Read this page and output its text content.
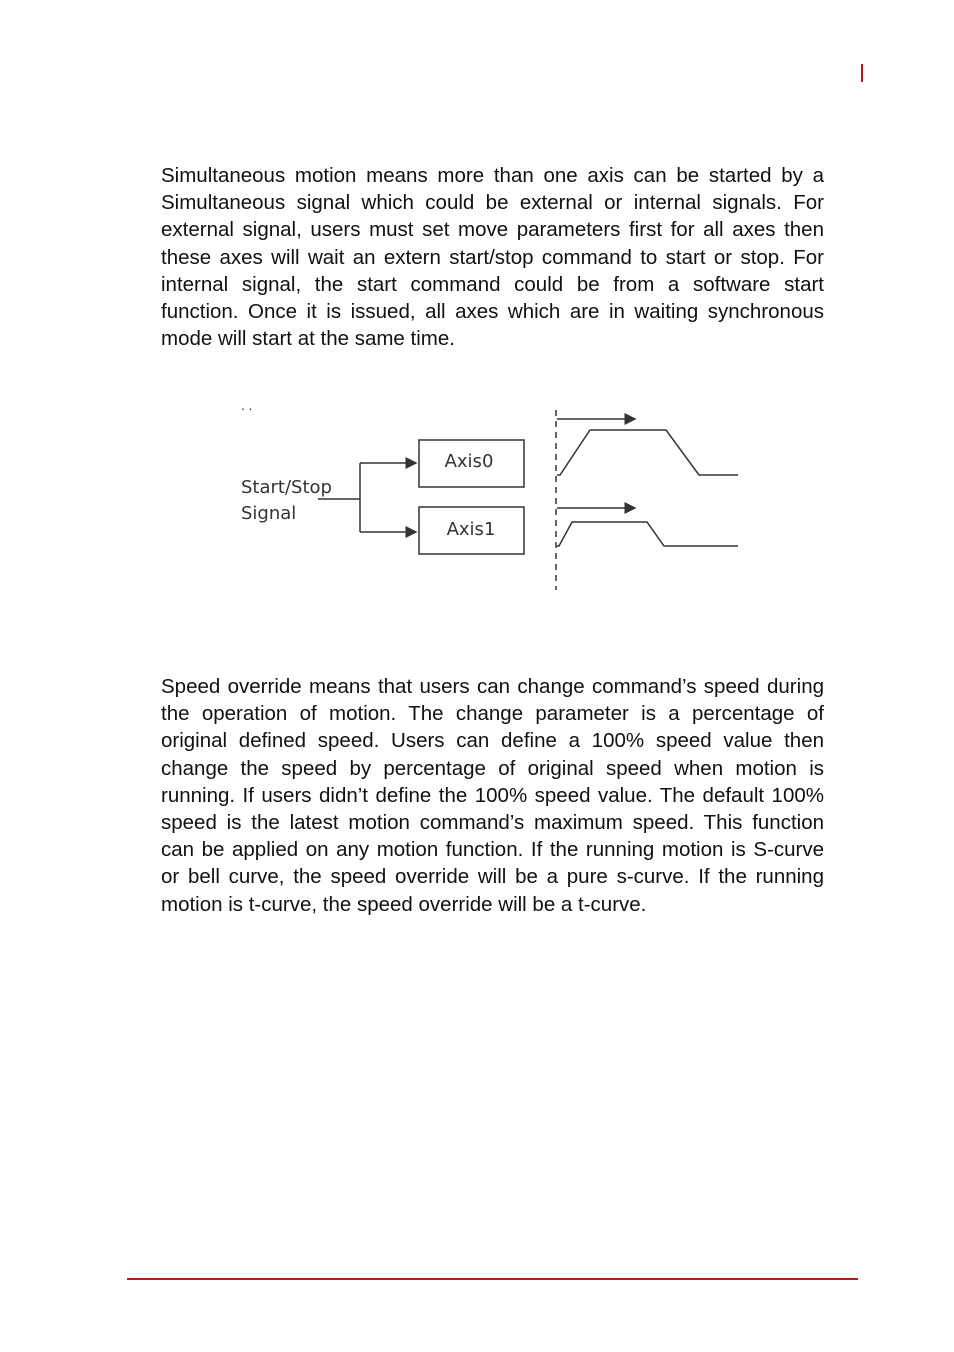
Simultaneous motion means more than one axis can be started by a Simultaneous signal which could be external or internal signals. For external signal, users must set move parameters first for all axes then these axes will wait an extern start/stop command to start or stop. For internal signal, the start command could be from a software start function. Once it is issued, all axes which are in waiting synchronous mode will start at the same time.

. .
Start/Stop
Signal
Axis0
Axis1

Speed override means that users can change command’s speed during the operation of motion. The change parameter is a percentage of original defined speed. Users can define a 100% speed value then change the speed by percentage of original speed when motion is running. If users didn’t define the 100% speed value. The default 100% speed is the latest motion command’s maximum speed. This function can be applied on any motion function. If the running motion is S-curve or bell curve, the speed override will be a pure s-curve. If the running motion is t-curve, the speed override will be a t-curve.
